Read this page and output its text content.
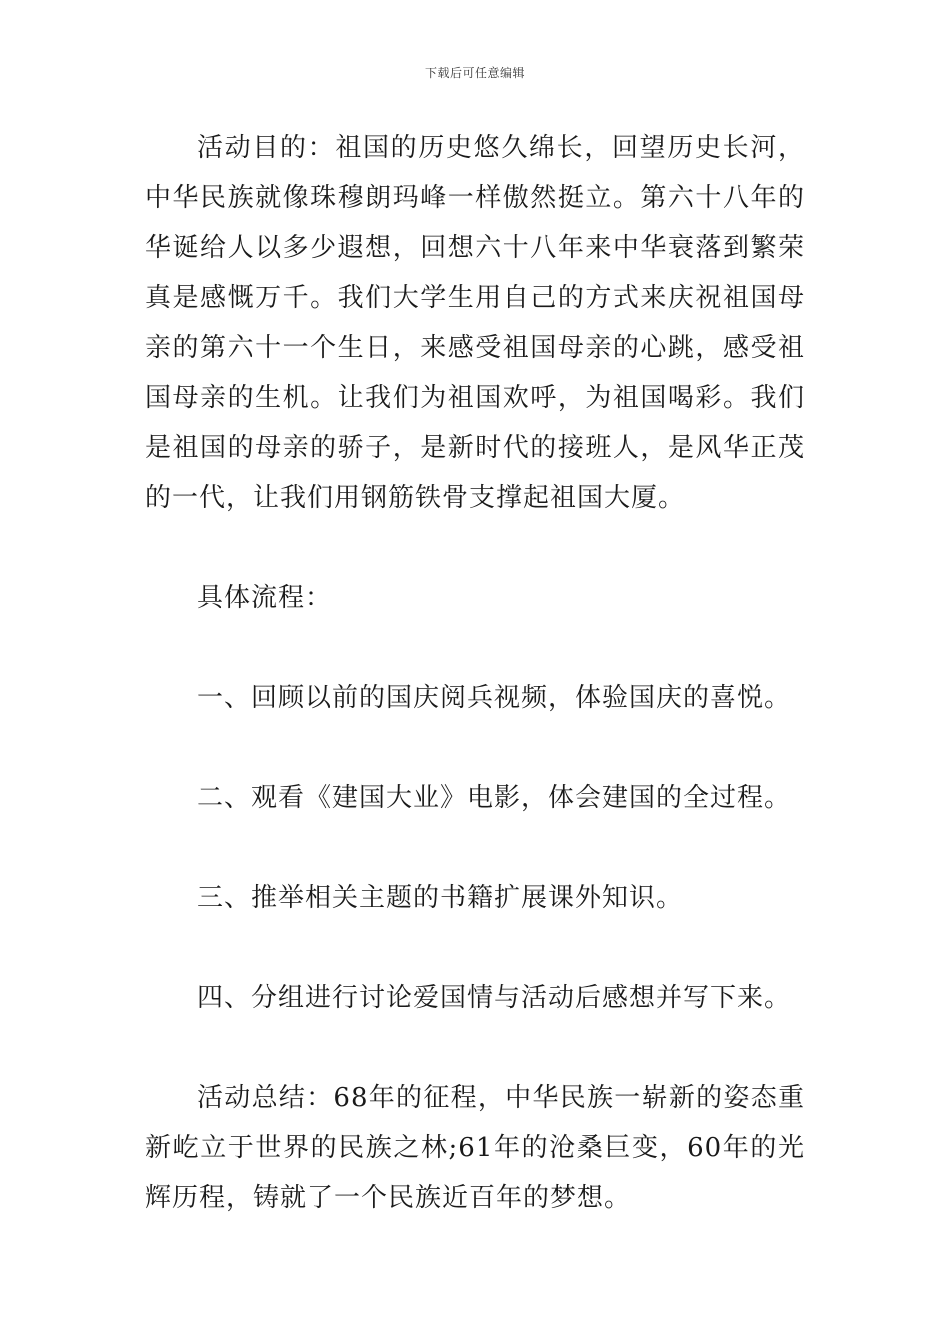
下载后可任意编辑

活动目的：祖国的历史悠久绵长，回望历史长河，中华民族就像珠穆朗玛峰一样傲然挺立。第六十八年的华诞给人以多少遐想，回想六十八年来中华衰落到繁荣真是感慨万千。我们大学生用自己的方式来庆祝祖国母亲的第六十一个生日，来感受祖国母亲的心跳，感受祖国母亲的生机。让我们为祖国欢呼，为祖国喝彩。我们是祖国的母亲的骄子，是新时代的接班人，是风华正茂的一代，让我们用钢筋铁骨支撑起祖国大厦。

具体流程：

一、回顾以前的国庆阅兵视频，体验国庆的喜悦。

二、观看《建国大业》电影，体会建国的全过程。

三、推举相关主题的书籍扩展课外知识。

四、分组进行讨论爱国情与活动后感想并写下来。

活动总结：68年的征程，中华民族一崭新的姿态重新屹立于世界的民族之林;61年的沧桑巨变，60年的光辉历程，铸就了一个民族近百年的梦想。
